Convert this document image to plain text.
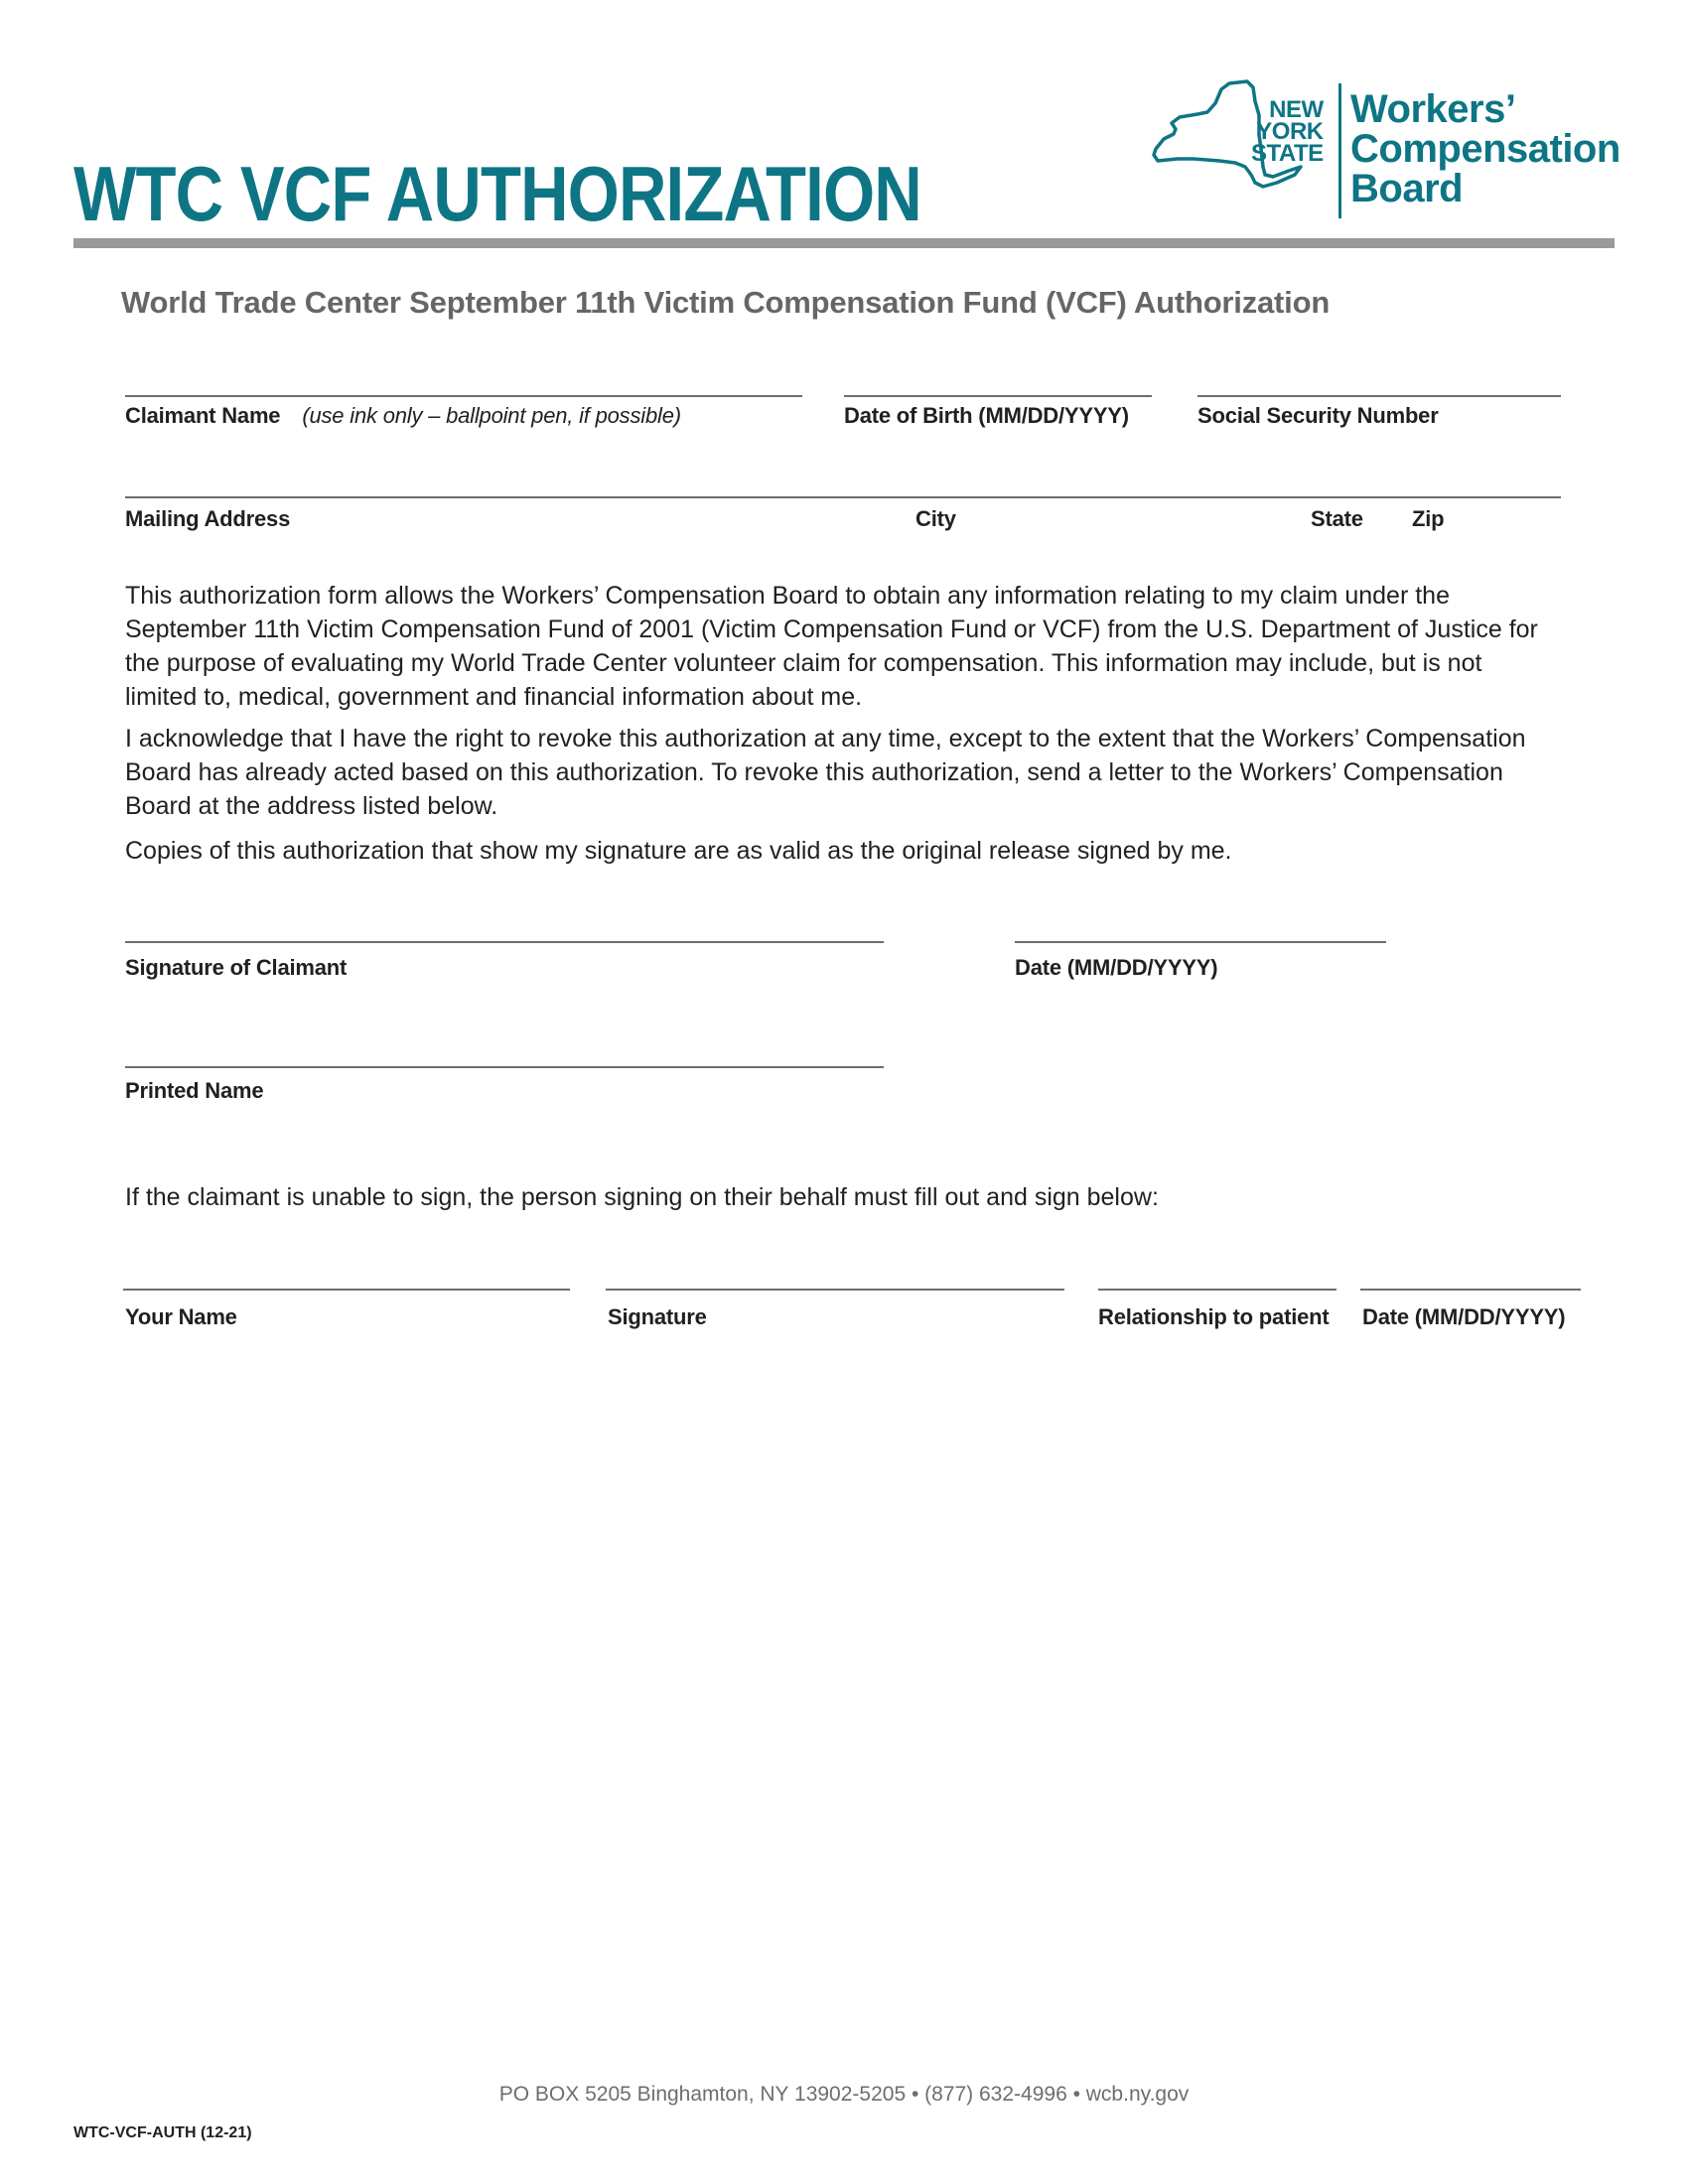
WTC VCF AUTHORIZATION
NEW
YORK
STATE
Workers’
Compensation
Board
World Trade Center September 11th Victim Compensation Fund (VCF) Authorization
Claimant Name (use ink only – ballpoint pen, if possible)	Date of Birth (MM/DD/YYYY)	Social Security Number
Mailing Address	City	State Zip
This authorization form allows the Workers’ Compensation Board to obtain any information relating to my claim under the September 11th Victim Compensation Fund of 2001 (Victim Compensation Fund or VCF) from the U.S. Department of Justice for the purpose of evaluating my World Trade Center volunteer claim for compensation. This information may include, but is not limited to, medical, government and financial information about me.
I acknowledge that I have the right to revoke this authorization at any time, except to the extent that the Workers’ Compensation Board has already acted based on this authorization. To revoke this authorization, send a letter to the Workers’ Compensation Board at the address listed below.
Copies of this authorization that show my signature are as valid as the original release signed by me.
Signature of Claimant	Date (MM/DD/YYYY)
Printed Name
If the claimant is unable to sign, the person signing on their behalf must fill out and sign below:
Your Name	Signature	Relationship to patient Date (MM/DD/YYYY)
PO BOX 5205 Binghamton, NY 13902-5205 • (877) 632-4996 • wcb.ny.gov
WTC-VCF-AUTH (12-21)
